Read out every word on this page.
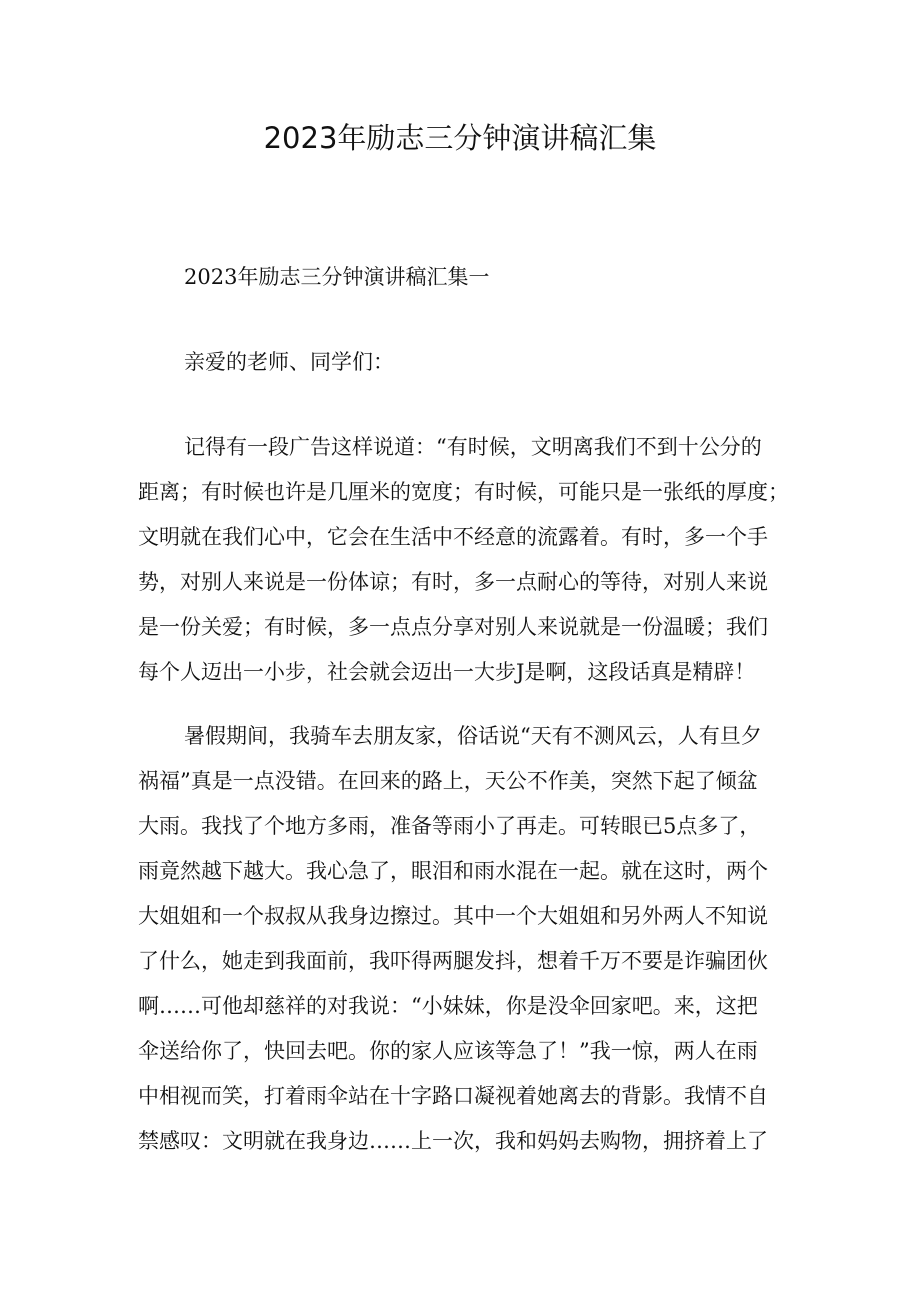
2023年励志三分钟演讲稿汇集
2023年励志三分钟演讲稿汇集一
亲爱的老师、同学们：
记得有一段广告这样说道：“有时候，文明离我们不到十公分的
距离；有时候也许是几厘米的宽度；有时候，可能只是一张纸的厚度；
文明就在我们心中，它会在生活中不经意的流露着。有时，多一个手
势，对别人来说是一份体谅；有时，多一点耐心的等待，对别人来说
是一份关爱；有时候，多一点点分享对别人来说就是一份温暖；我们
每个人迈出一小步，社会就会迈出一大步J是啊，这段话真是精辟！
暑假期间，我骑车去朋友家，俗话说“天有不测风云，人有旦夕
祸福”真是一点没错。在回来的路上，天公不作美，突然下起了倾盆
大雨。我找了个地方多雨，准备等雨小了再走。可转眼已5点多了，
雨竟然越下越大。我心急了，眼泪和雨水混在一起。就在这时，两个
大姐姐和一个叔叔从我身边擦过。其中一个大姐姐和另外两人不知说
了什么，她走到我面前，我吓得两腿发抖，想着千万不要是诈骗团伙
啊……可他却慈祥的对我说：“小妹妹，你是没伞回家吧。来，这把
伞送给你了，快回去吧。你的家人应该等急了！”我一惊，两人在雨
中相视而笑，打着雨伞站在十字路口凝视着她离去的背影。我情不自
禁感叹：文明就在我身边……上一次，我和妈妈去购物，拥挤着上了
